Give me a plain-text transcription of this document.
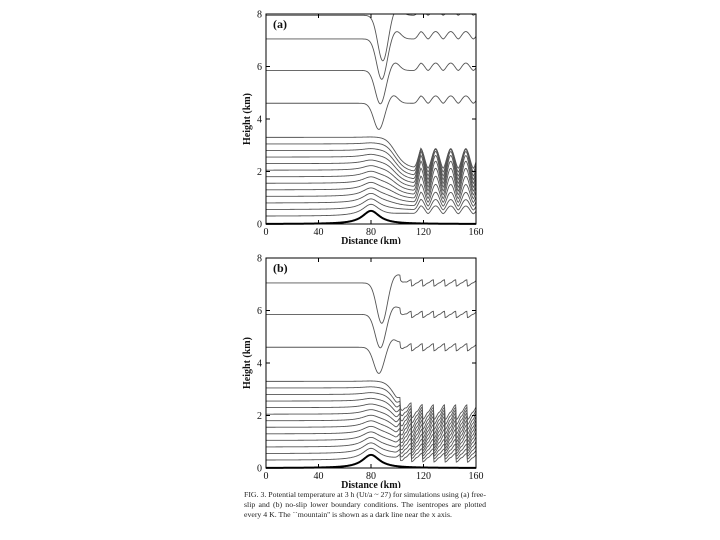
0	40	80	120	160
0
2
4
6
8
Distance (km)
Height (km)
(a)
0	40	80	120	160
0
2
4
6
8
Distance (km)
Height (km)
(b)
FIG. 3. Potential temperature at 3 h (Ut/a ~ 27) for simulations using (a) free-slip and (b) no-slip lower boundary conditions. The isentropes are plotted every 4 K. The ``mountain'' is shown as a dark line near the x axis.
